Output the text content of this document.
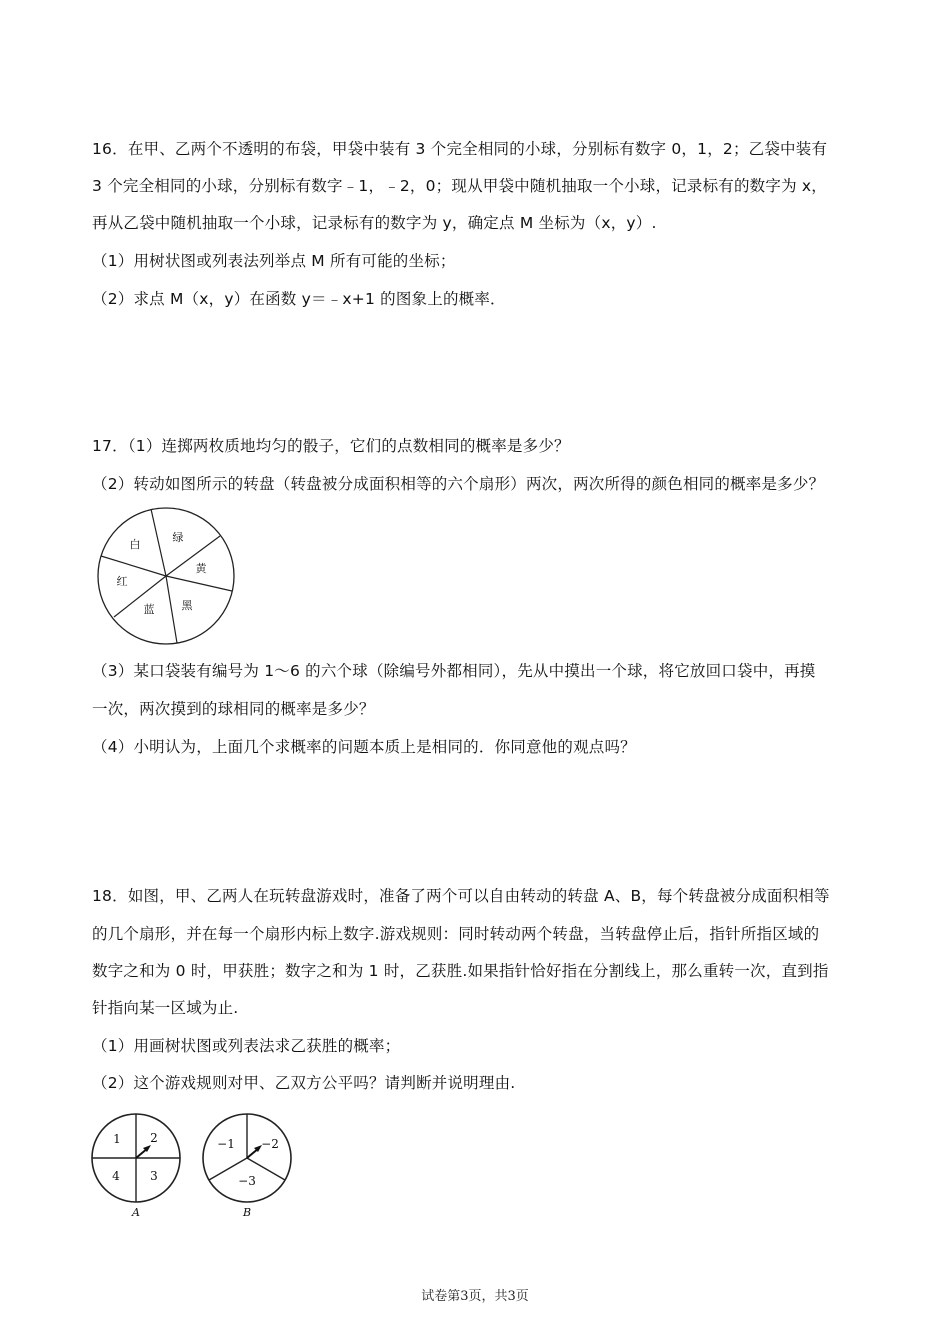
16．在甲、乙两个不透明的布袋，甲袋中装有 3 个完全相同的小球，分别标有数字 0，1，2；乙袋中装有
3 个完全相同的小球，分别标有数字﹣1，﹣2，0；现从甲袋中随机抽取一个小球，记录标有的数字为 x，
再从乙袋中随机抽取一个小球，记录标有的数字为 y，确定点 M 坐标为（x，y）.
（1）用树状图或列表法列举点 M 所有可能的坐标；
（2）求点 M（x，y）在函数 y＝﹣x+1 的图象上的概率．
17．（1）连掷两枚质地均匀的骰子，它们的点数相同的概率是多少？
（2）转动如图所示的转盘（转盘被分成面积相等的六个扇形）两次，两次所得的颜色相同的概率是多少？
白
绿
黄
黑
蓝
红
（3）某口袋装有编号为 1～6 的六个球（除编号外都相同），先从中摸出一个球，将它放回口袋中，再摸
一次，两次摸到的球相同的概率是多少？
（4）小明认为，上面几个求概率的问题本质上是相同的．你同意他的观点吗？
18．如图，甲、乙两人在玩转盘游戏时，准备了两个可以自由转动的转盘 A、B，每个转盘被分成面积相等
的几个扇形，并在每一个扇形内标上数字.游戏规则：同时转动两个转盘，当转盘停止后，指针所指区域的
数字之和为 0 时，甲获胜；数字之和为 1 时，乙获胜.如果指针恰好指在分割线上，那么重转一次，直到指
针指向某一区域为止.
（1）用画树状图或列表法求乙获胜的概率；
（2）这个游戏规则对甲、乙双方公平吗？请判断并说明理由.
1 2
4	3
A
−1 −2
−3
B
试卷第3页，共3页
